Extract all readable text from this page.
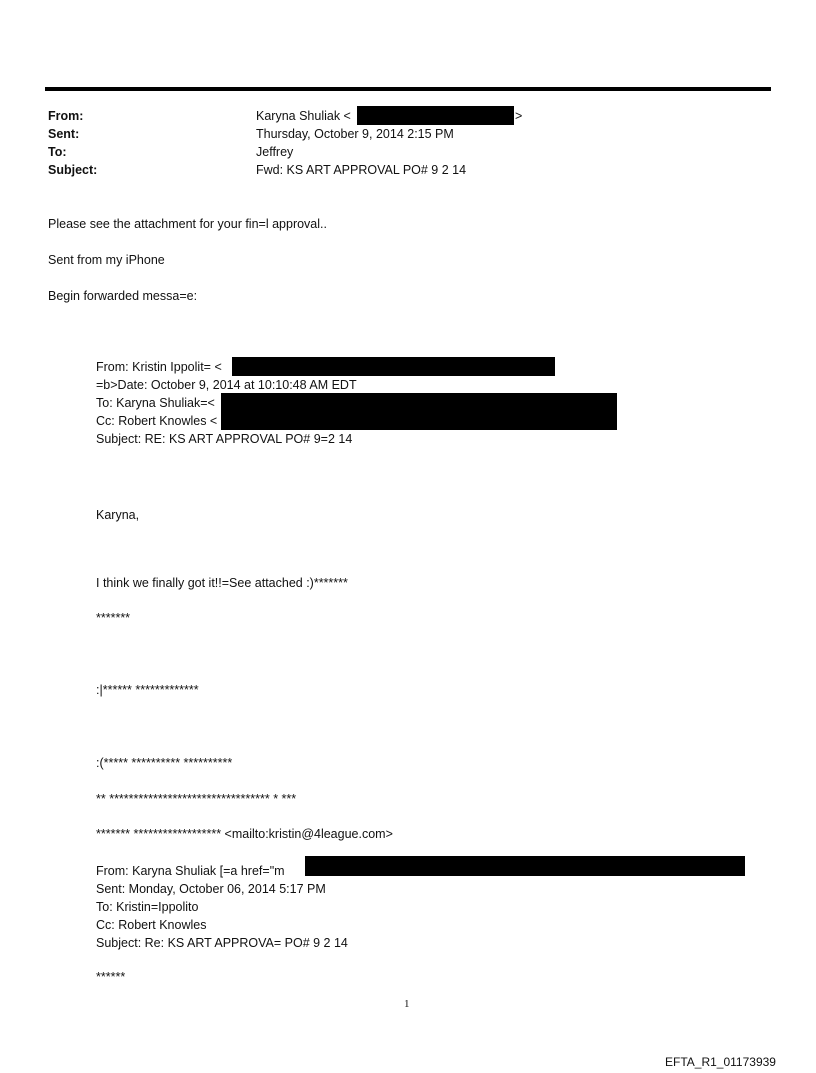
From:
Sent:
To:
Subject:
Karyna Shuliak <	>
Thursday, October 9, 2014 2:15 PM
Jeffrey
Fwd: KS ART APPROVAL PO# 9 2 14
Please see the attachment for your fin=l approval..
Sent from my iPhone
Begin forwarded messa=e:
From: Kristin Ippolit= <
=b>Date: October 9, 2014 at 10:10:48 AM EDT
To: Karyna Shuliak=<
Cc: Robert Knowles <
Subject: RE: KS ART APPROVAL PO# 9=2 14
Karyna,
I think we finally got it!!=See attached :)*******
*******
:|****** *************
:(***** ********** **********
** ********************************* * ***
******* ****************** <mailto:kristin@4league.com>
From: Karyna Shuliak [=a href="m
Sent: Monday, October 06, 2014 5:17 PM
To: Kristin=Ippolito
Cc: Robert Knowles
Subject: Re: KS ART APPROVA= PO# 9 2 14
******
1
EFTA_R1_01173939
